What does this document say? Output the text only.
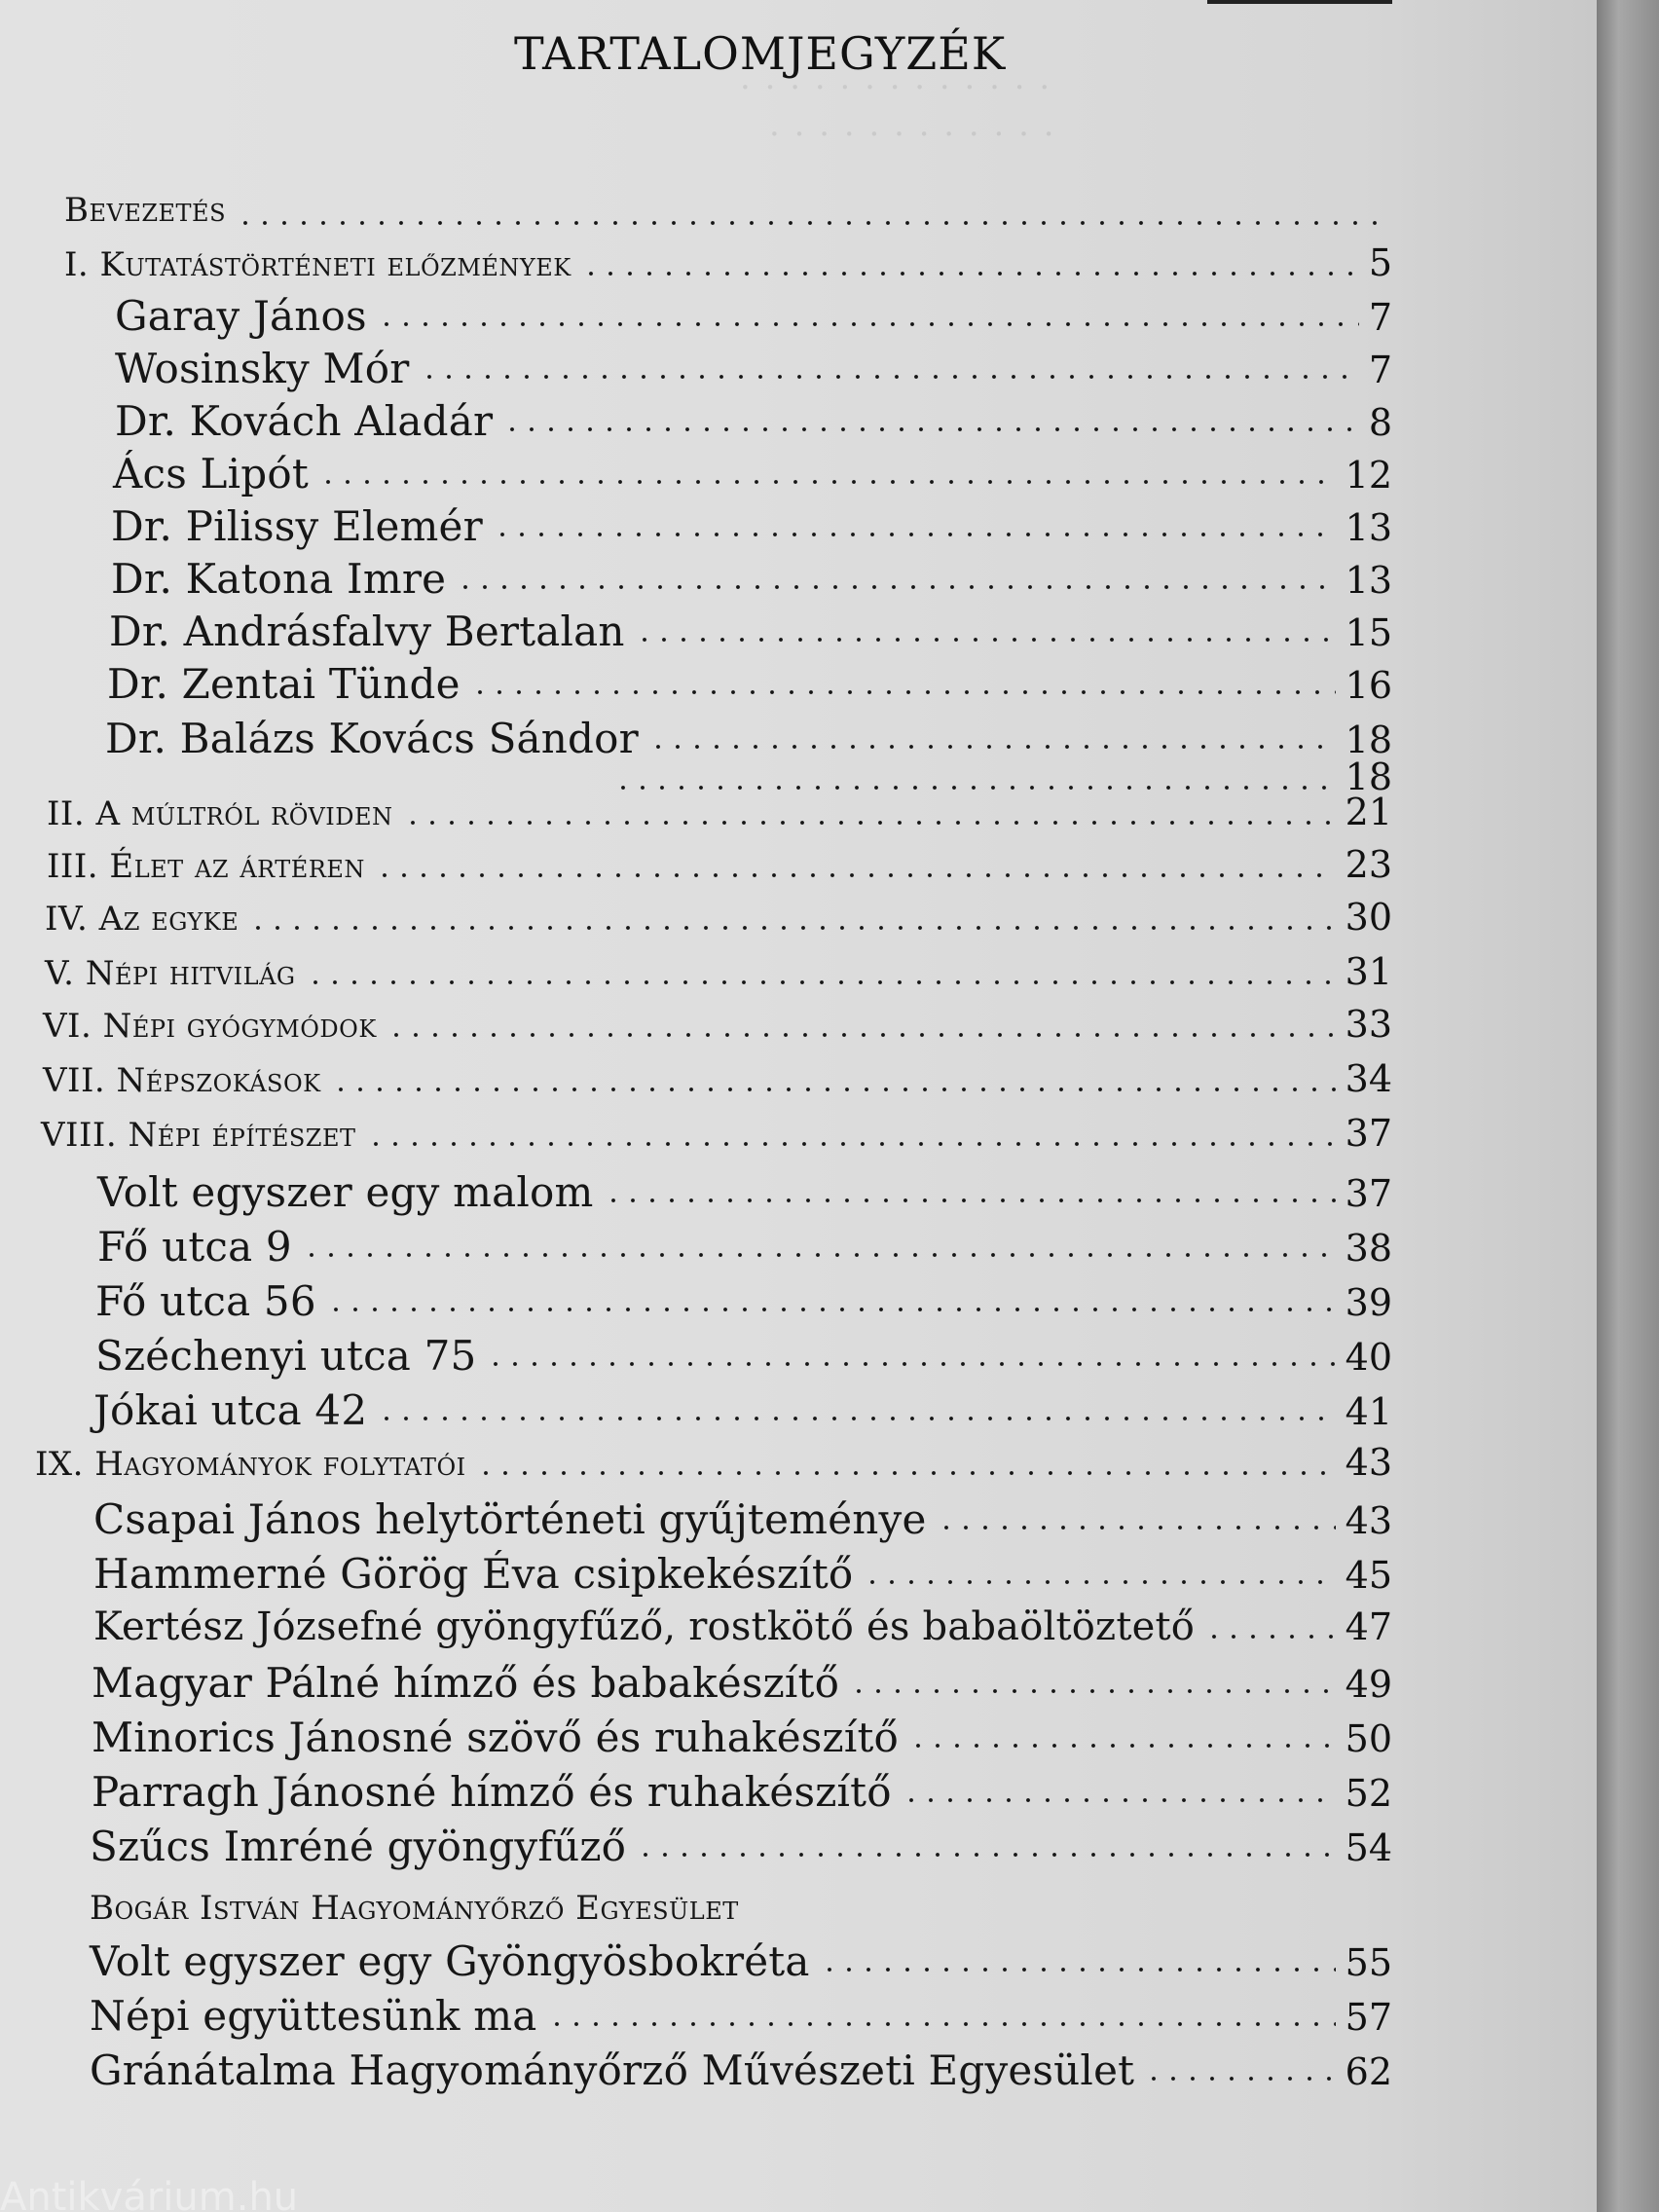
· · · · · · · · · · · · ·
· · · · · · · · · · · ·
TARTALOMJEGYZÉK
Bevezetés
I. Kutatástörténeti előzmények	5
Garay János	7
Wosinsky Mór	7
Dr. Kovách Aladár	8
Ács Lipót	12
Dr. Pilissy Elemér	13
Dr. Katona Imre	13
Dr. Andrásfalvy Bertalan	15
Dr. Zentai Tünde	16
Dr. Balázs Kovács Sándor	18
18
II. A múltról röviden	21
III. Élet az ártéren	23
IV. Az egyke	30
V. Népi hitvilág	31
VI. Népi gyógymódok	33
VII. Népszokások	34
VIII. Népi építészet	37
Volt egyszer egy malom	37
Fő utca 9	38
Fő utca 56	39
Széchenyi utca 75	40
Jókai utca 42	41
IX. Hagyományok folytatói	43
Csapai János helytörténeti gyűjteménye	43
Hammerné Görög Éva csipkekészítő	45
Kertész Józsefné gyöngyfűző, rostkötő és babaöltöztető	47
Magyar Pálné hímző és babakészítő	49
Minorics Jánosné szövő és ruhakészítő	50
Parragh Jánosné hímző és ruhakészítő	52
Szűcs Imréné gyöngyfűző	54
Bogár István Hagyományőrző Egyesület
Volt egyszer egy Gyöngyösbokréta	55
Népi együttesünk ma	57
Gránátalma Hagyományőrző Művészeti Egyesület	62
Antikvárium.hu
